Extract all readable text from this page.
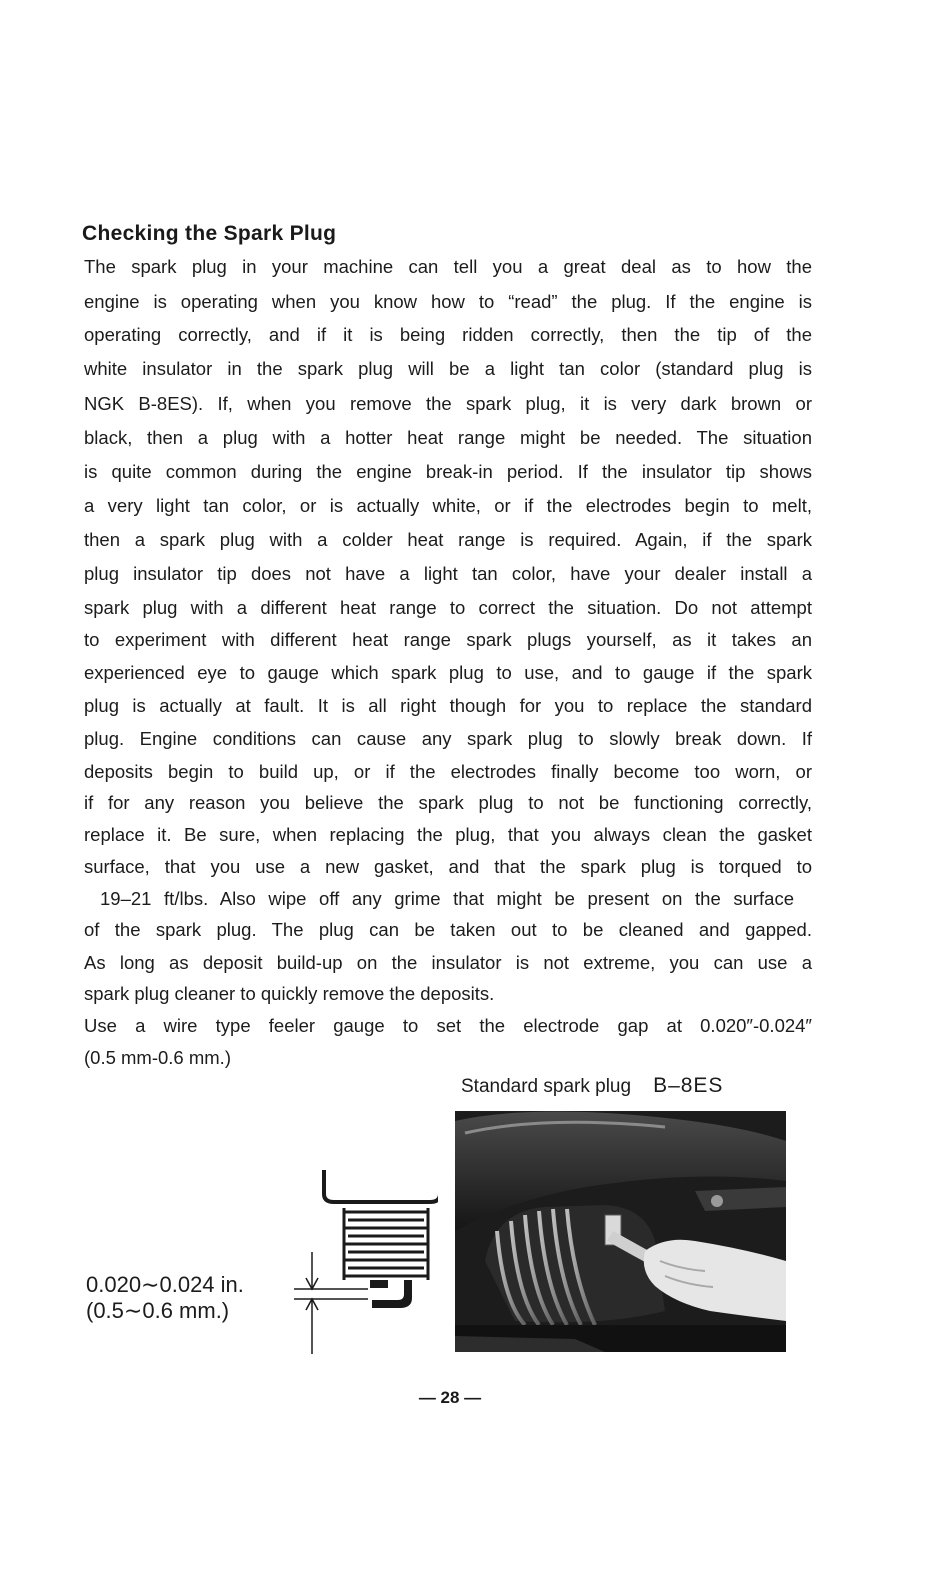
Checking the Spark Plug
The spark plug in your machine can tell you a great deal as to how the
engine is operating when you know how to “read” the plug. If the engine is
operating correctly, and if it is being ridden correctly, then the tip of the
white insulator in the spark plug will be a light tan color (standard plug is
NGK B-8ES). If, when you remove the spark plug, it is very dark brown or
black, then a plug with a hotter heat range might be needed. The situation
is quite common during the engine break-in period. If the insulator tip shows
a very light tan color, or is actually white, or if the electrodes begin to melt,
then a spark plug with a colder heat range is required. Again, if the spark
plug insulator tip does not have a light tan color, have your dealer install a
spark plug with a different heat range to correct the situation. Do not attempt
to experiment with different heat range spark plugs yourself, as it takes an
experienced eye to gauge which spark plug to use, and to gauge if the spark
plug is actually at fault. It is all right though for you to replace the standard
plug. Engine conditions can cause any spark plug to slowly break down. If
deposits begin to build up, or if the electrodes finally become too worn, or
if for any reason you believe the spark plug to not be functioning correctly,
replace it. Be sure, when replacing the plug, that you always clean the gasket
surface, that you use a new gasket, and that the spark plug is torqued to
19–21 ft/lbs. Also wipe off any grime that might be present on the surface
of the spark plug. The plug can be taken out to be cleaned and gapped.
As long as deposit build-up on the insulator is not extreme, you can use a
spark plug cleaner to quickly remove the deposits.
Use a wire type feeler gauge to set the electrode gap at 0.020″-0.024″
(0.5 mm-0.6 mm.)
Standard spark plug B–8ES
0.020∼0.024 in.
(0.5∼0.6 mm.)
— 28 —
